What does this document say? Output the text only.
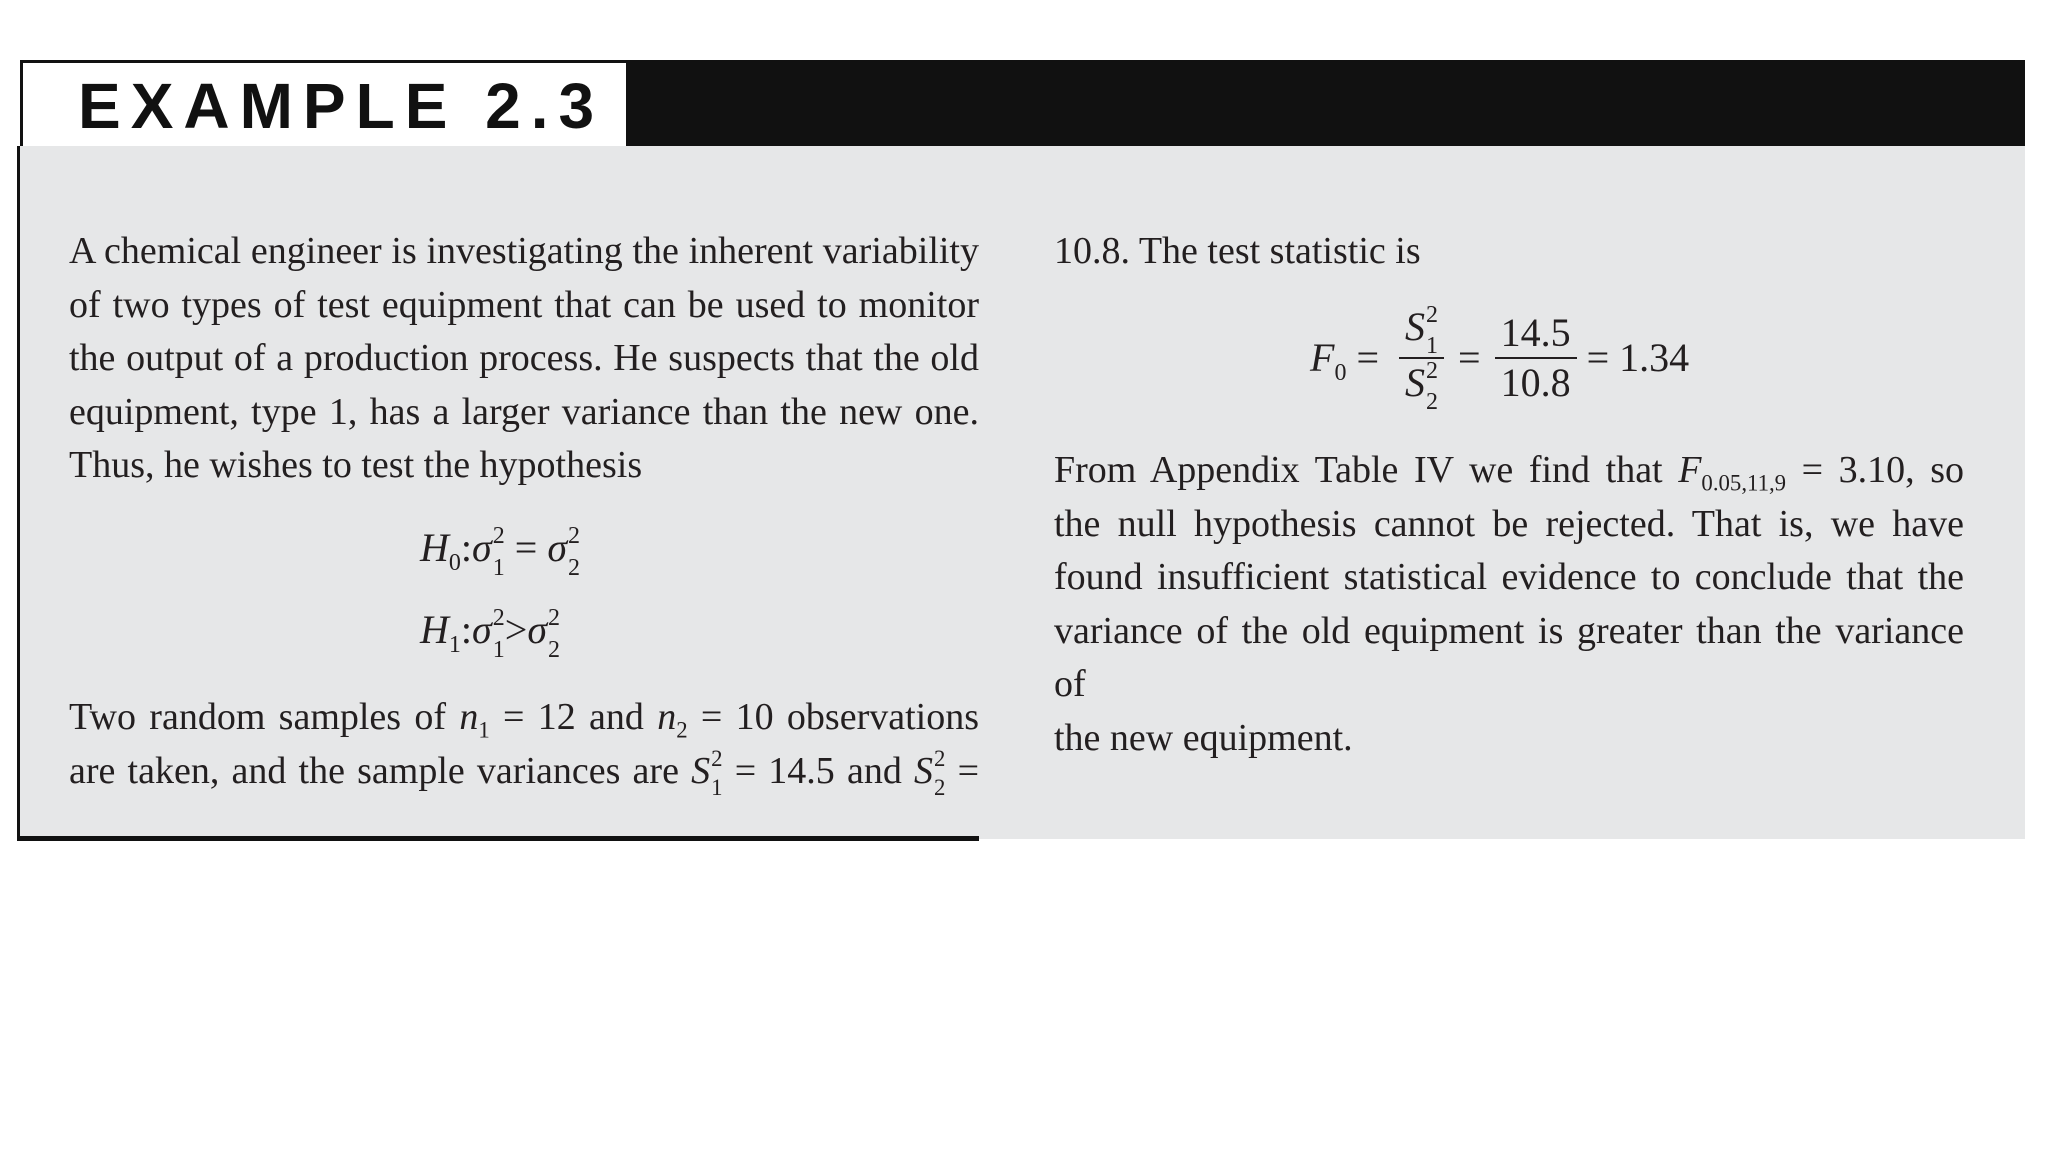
EXAMPLE 2.3

A chemical engineer is investigating the inherent variability

of two types of test equipment that can be used to monitor

the output of a production process. He suspects that the old

equipment, type 1, has a larger variance than the new one.

Thus, he wishes to test the hypothesis

$H_0:\sigma$ 2
1 = σ 2
2
$H_1:\sigma$ 2
1 >σ 2
2

Two random samples of $n_1 = 12$ and $n_2 = 10$ observations

are taken, and the sample variances are S 2
1 = 14.5 and S 2
2 =

10.8. The test statistic is

$F_0 = S$ 2
1
S 2
$2 = \frac{14.5}{10.8} = 1.34$

From Appendix Table IV we find that $F_{0.05,11,9} = 3.10$, so

the null hypothesis cannot be rejected. That is, we have

found insufficient statistical evidence to conclude that the

variance of the old equipment is greater than the variance of

the new equipment.
